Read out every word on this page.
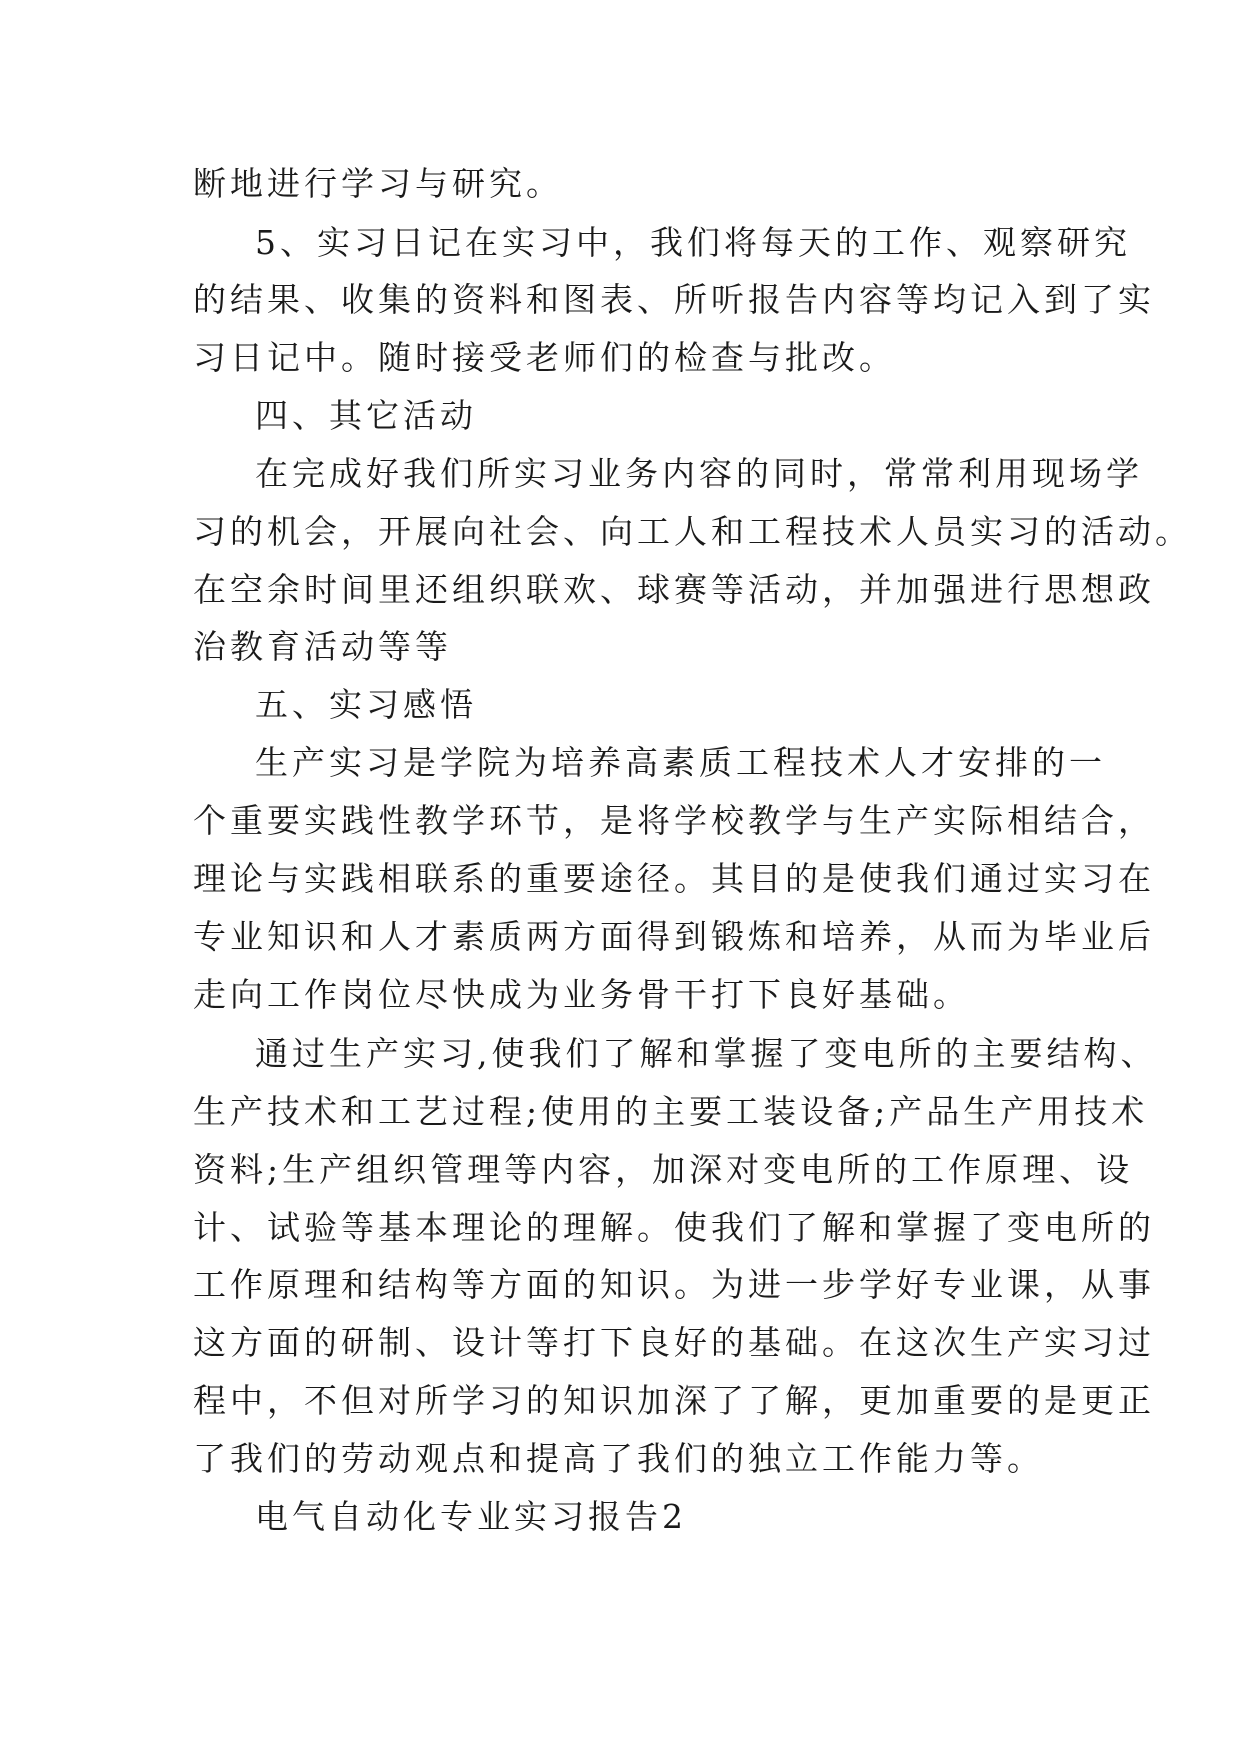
断地进行学习与研究。
5、实习日记在实习中，我们将每天的工作、观察研究
的结果、收集的资料和图表、所听报告内容等均记入到了实
习日记中。随时接受老师们的检查与批改。
四、其它活动
在完成好我们所实习业务内容的同时，常常利用现场学
习的机会，开展向社会、向工人和工程技术人员实习的活动。
在空余时间里还组织联欢、球赛等活动，并加强进行思想政
治教育活动等等
五、实习感悟
生产实习是学院为培养高素质工程技术人才安排的一
个重要实践性教学环节，是将学校教学与生产实际相结合，
理论与实践相联系的重要途径。其目的是使我们通过实习在
专业知识和人才素质两方面得到锻炼和培养，从而为毕业后
走向工作岗位尽快成为业务骨干打下良好基础。
通过生产实习,使我们了解和掌握了变电所的主要结构、
生产技术和工艺过程;使用的主要工装设备;产品生产用技术
资料;生产组织管理等内容，加深对变电所的工作原理、设
计、试验等基本理论的理解。使我们了解和掌握了变电所的
工作原理和结构等方面的知识。为进一步学好专业课，从事
这方面的研制、设计等打下良好的基础。在这次生产实习过
程中，不但对所学习的知识加深了了解，更加重要的是更正
了我们的劳动观点和提高了我们的独立工作能力等。
电气自动化专业实习报告2
